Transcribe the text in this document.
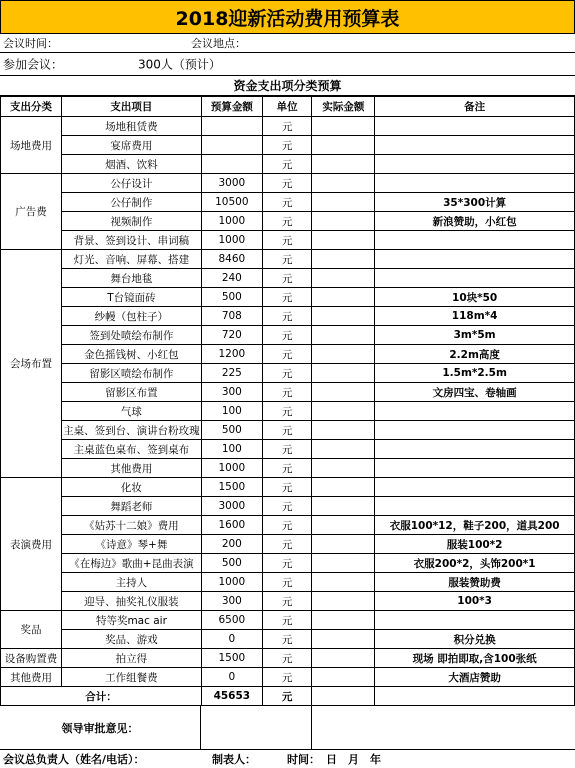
2018迎新活动费用预算表
会议时间：	会议地点：
参加会议：	300人（预计）
资金支出项分类预算
支出分类	支出项目	预算金额	单位	实际金额	备注
场地费用	场地租赁费		元		
	宴席费用		元		
	烟酒、饮料		元		
广告费	公仔设计	3000	元		
	公仔制作	10500	元		35*300计算
	视频制作	1000	元		新浪赞助，小红包
	背景、签到设计、串词稿	1000	元		
会场布置	灯光、音响、屏幕、搭建	8460	元		
	舞台地毯	240	元		
	T台镜面砖	500	元		10块*50
	纱幔（包柱子）	708	元		118m*4
	签到处喷绘布制作	720	元		3m*5m
	金色摇钱树、小红包	1200	元		2.2m高度
	留影区喷绘布制作	225	元		1.5m*2.5m
	留影区布置	300	元		文房四宝、卷轴画
	气球	100	元		
	主桌、签到台、演讲台粉玫瑰	500	元		
	主桌蓝色桌布、签到桌布	100	元		
	其他费用	1000	元		
表演费用	化妆	1500	元		
	舞蹈老师	3000	元		
	《姑苏十二娘》费用	1600	元		衣服100*12，鞋子200，道具200
	《诗意》琴+舞	200	元		服装100*2
	《在梅边》歌曲+昆曲表演	500	元		衣服200*2，头饰200*1
	主持人	1000	元		服装赞助费
	迎导、抽奖礼仪服装	300	元		100*3
奖品	特等奖mac air	6500	元		
	奖品、游戏	0	元		积分兑换
设备购置费	拍立得	1500	元		现场 即拍即取,含100张纸
其他费用	工作组餐费	0	元		大酒店赞助
合计：		45653	元		
领导审批意见：
会议总负责人（姓名/电话）：	制表人：	时间： 日 月 年
